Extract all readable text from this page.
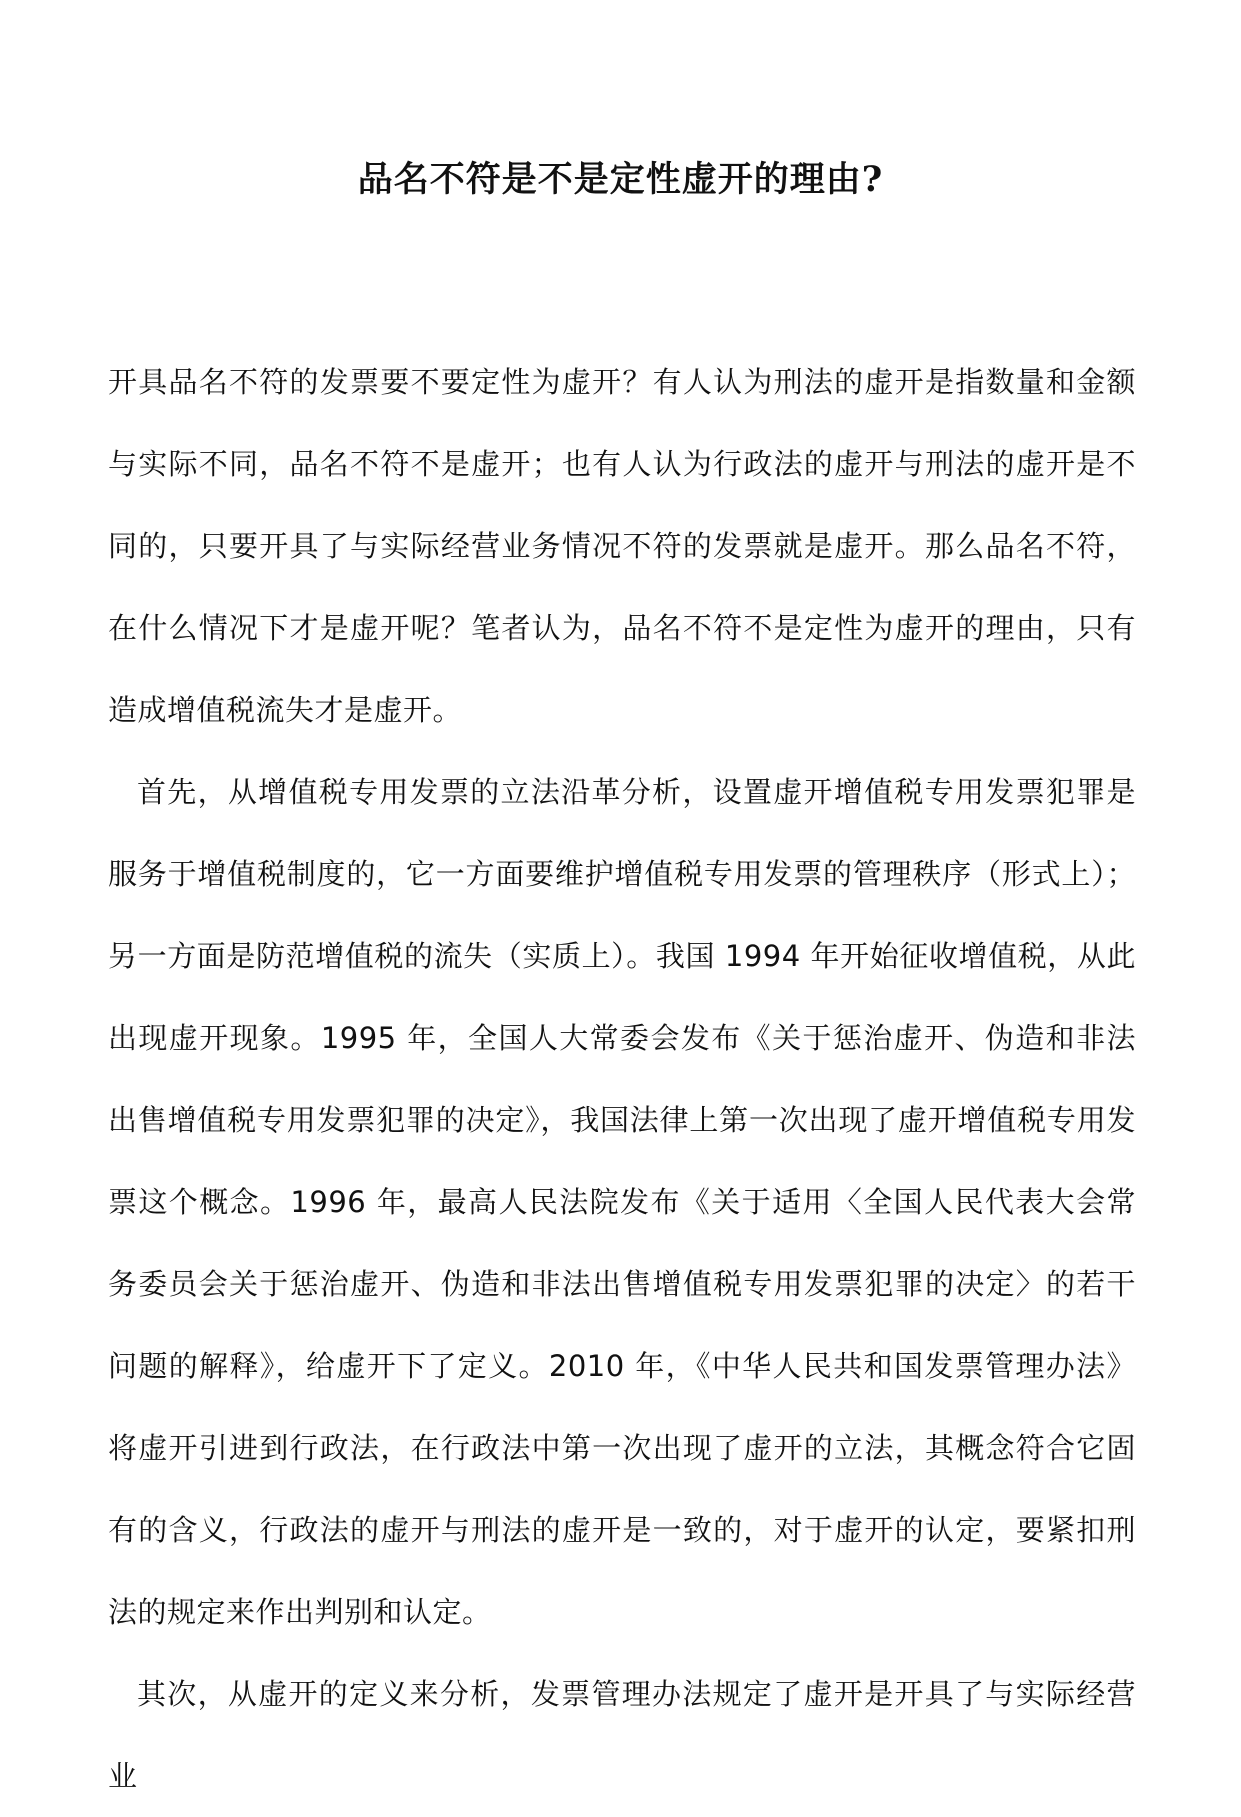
品名不符是不是定性虚开的理由?

开具品名不符的发票要不要定性为虚开？有人认为刑法的虚开是指数量和金额与实际不同，品名不符不是虚开；也有人认为行政法的虚开与刑法的虚开是不同的，只要开具了与实际经营业务情况不符的发票就是虚开。那么品名不符，在什么情况下才是虚开呢？笔者认为，品名不符不是定性为虚开的理由，只有造成增值税流失才是虚开。

首先，从增值税专用发票的立法沿革分析，设置虚开增值税专用发票犯罪是服务于增值税制度的，它一方面要维护增值税专用发票的管理秩序（形式上）；另一方面是防范增值税的流失（实质上）。我国 1994 年开始征收增值税，从此出现虚开现象。1995 年，全国人大常委会发布《关于惩治虚开、伪造和非法出售增值税专用发票犯罪的决定》，我国法律上第一次出现了虚开增值税专用发票这个概念。1996 年，最高人民法院发布《关于适用〈全国人民代表大会常务委员会关于惩治虚开、伪造和非法出售增值税专用发票犯罪的决定〉的若干问题的解释》，给虚开下了定义。2010 年，《中华人民共和国发票管理办法》将虚开引进到行政法，在行政法中第一次出现了虚开的立法，其概念符合它固有的含义，行政法的虚开与刑法的虚开是一致的，对于虚开的认定，要紧扣刑法的规定来作出判别和认定。

其次，从虚开的定义来分析，发票管理办法规定了虚开是开具了与实际经营业
